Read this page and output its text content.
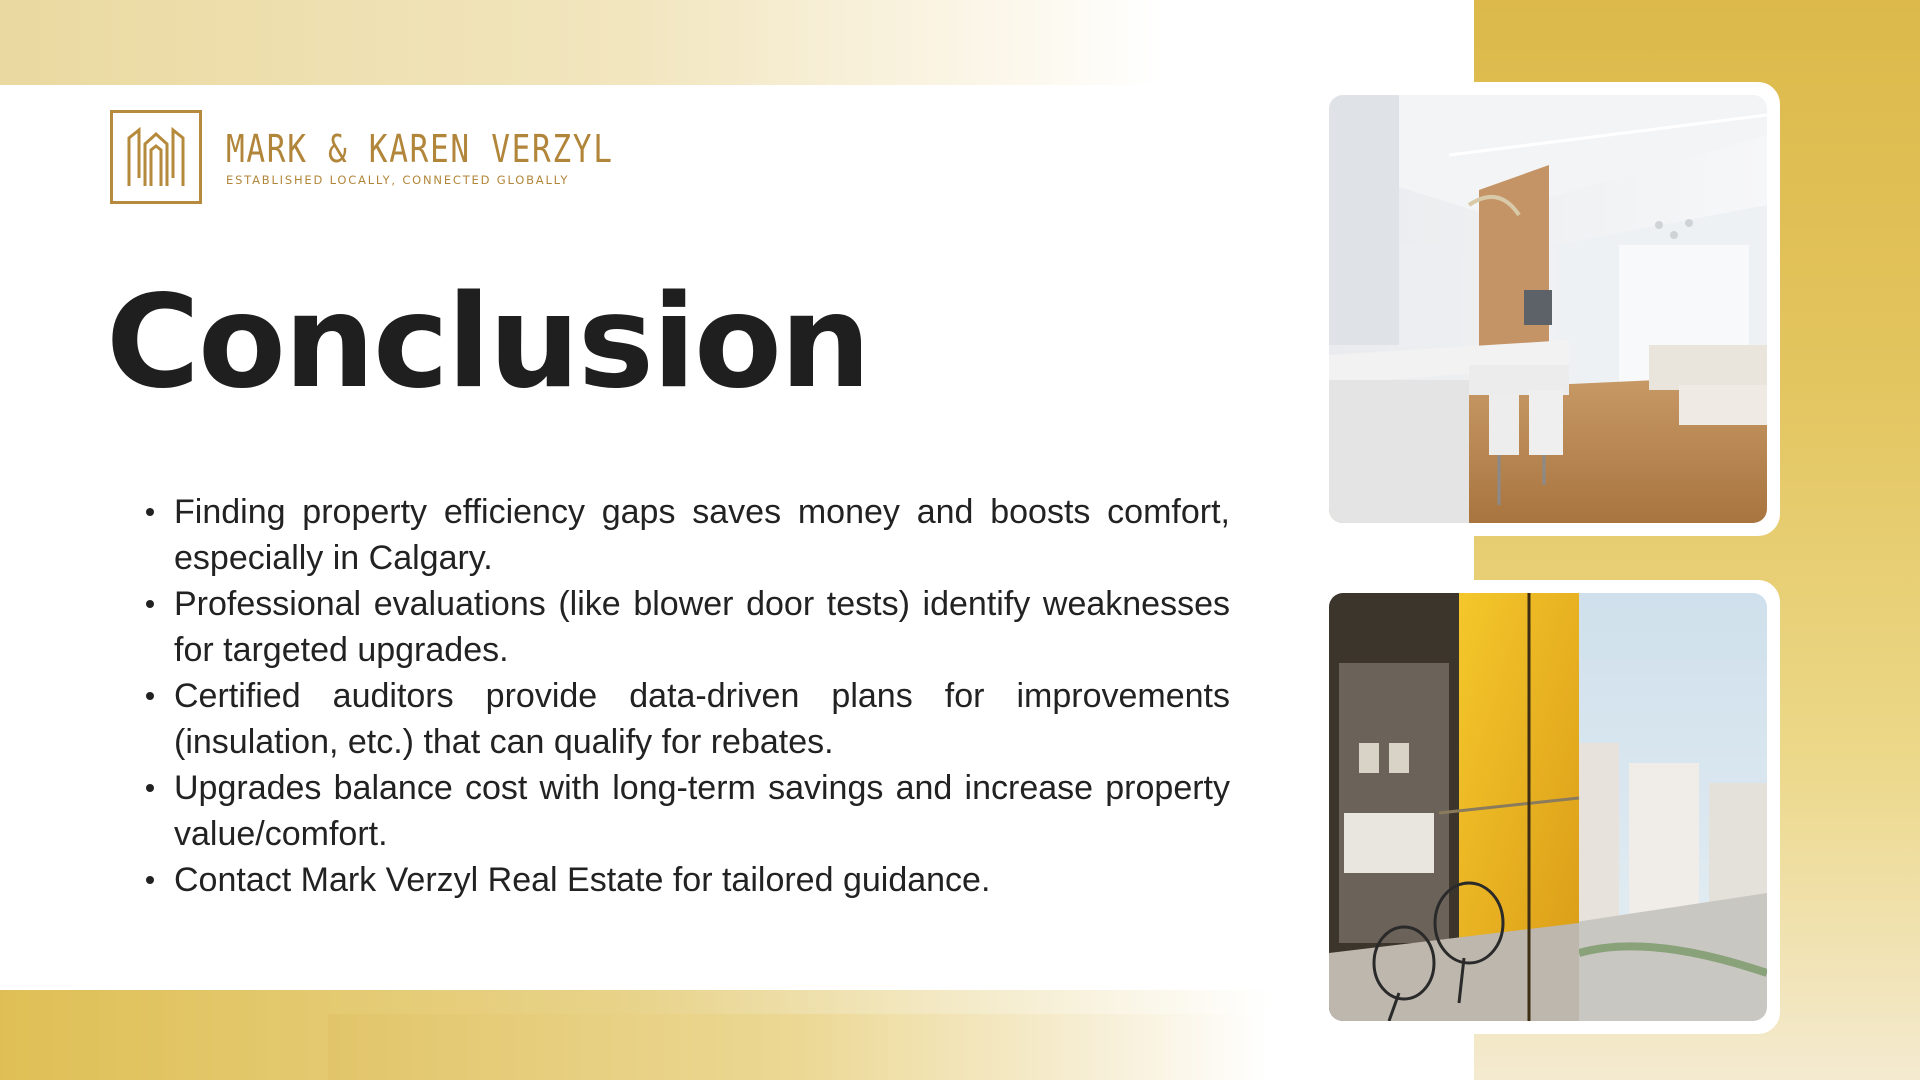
MARK & KAREN VERZYL
ESTABLISHED LOCALLY, CONNECTED GLOBALLY
Conclusion
Finding property efficiency gaps saves money and boosts comfort, especially in Calgary.
Professional evaluations (like blower door tests) identify weaknesses for targeted upgrades.
Certified auditors provide data-driven plans for improvements (insulation, etc.) that can qualify for rebates.
Upgrades balance cost with long-term savings and increase property value/comfort.
Contact Mark Verzyl Real Estate for tailored guidance.
